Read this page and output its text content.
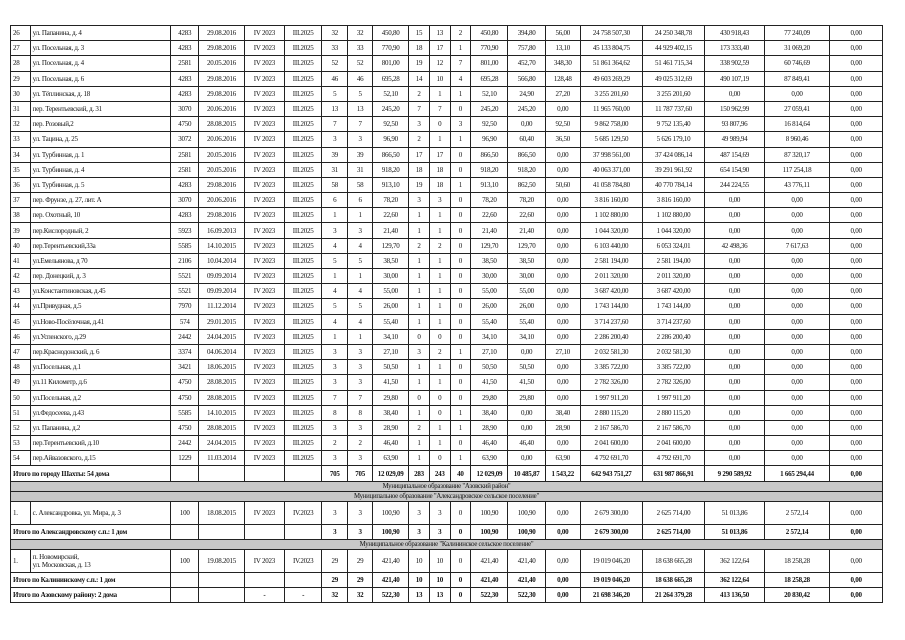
26	ул. Папанина, д. 4	4283	29.08.2016	IV 2023	III.2025	32	32	450,80	15	13	2	450,80	394,80	56,00	24 758 507,30	24 250 348,78	430 918,43	77 240,09	0,00
27	ул. Посельная, д. 3	4283	29.08.2016	IV 2023	III.2025	33	33	770,90	18	17	1	770,90	757,80	13,10	45 133 804,75	44 929 402,15	173 333,40	31 069,20	0,00
28	ул. Посельная, д. 4	2581	20.05.2016	IV 2023	III.2025	52	52	801,00	19	12	7	801,00	452,70	348,30	51 861 364,62	51 461 715,34	338 902,59	60 746,69	0,00
29	ул. Посельная, д. 6	4283	29.08.2016	IV 2023	III.2025	46	46	695,28	14	10	4	695,28	566,80	128,48	49 603 269,29	49 025 312,69	490 107,19	87 849,41	0,00
30	ул. Тёплинская, д. 18	4283	29.08.2016	IV 2023	III.2025	5	5	52,10	2	1	1	52,10	24,90	27,20	3 255 201,60	3 255 201,60	0,00	0,00	0,00
31	пер. Терентьевский, д. 31	3070	20.06.2016	IV 2023	III.2025	13	13	245,20	7	7	0	245,20	245,20	0,00	11 965 760,00	11 787 737,60	150 962,99	27 059,41	0,00
32	пер. Розовый,2	4750	28.08.2015	IV 2023	III.2025	7	7	92,50	3	0	3	92,50	0,00	92,50	9 862 758,00	9 752 135,40	93 807,96	16 814,64	0,00
33	ул. Тацина, д. 25	3072	20.06.2016	IV 2023	III.2025	3	3	96,90	2	1	1	96,90	60,40	36,50	5 685 129,50	5 626 179,10	49 989,94	8 960,46	0,00
34	ул. Турбинная, д. 1	2581	20.05.2016	IV 2023	III.2025	39	39	866,50	17	17	0	866,50	866,50	0,00	37 998 561,00	37 424 086,14	487 154,69	87 320,17	0,00
35	ул. Турбинная, д. 4	2581	20.05.2016	IV 2023	III.2025	31	31	918,20	18	18	0	918,20	918,20	0,00	40 063 371,00	39 291 961,92	654 154,90	117 254,18	0,00
36	ул. Турбинная, д. 5	4283	29.08.2016	IV 2023	III.2025	58	58	913,10	19	18	1	913,10	862,50	50,60	41 058 784,80	40 770 784,14	244 224,55	43 776,11	0,00
37	пер. Фрунзе, д. 27, лит. А	3070	20.06.2016	IV 2023	III.2025	6	6	78,20	3	3	0	78,20	78,20	0,00	3 816 160,00	3 816 160,00	0,00	0,00	0,00
38	пер. Охотный, 10	4283	29.08.2016	IV 2023	III.2025	1	1	22,60	1	1	0	22,60	22,60	0,00	1 102 880,00	1 102 880,00	0,00	0,00	0,00
39	пер.Кислородный, 2	5923	16.09.2013	IV 2023	III.2025	3	3	21,40	1	1	0	21,40	21,40	0,00	1 044 320,00	1 044 320,00	0,00	0,00	0,00
40	пер.Терентьевский,33а	5585	14.10.2015	IV 2023	III.2025	4	4	129,70	2	2	0	129,70	129,70	0,00	6 103 440,00	6 053 324,01	42 498,36	7 617,63	0,00
41	ул.Емельянова, д 70	2106	10.04.2014	IV 2023	III.2025	5	5	38,50	1	1	0	38,50	38,50	0,00	2 581 194,00	2 581 194,00	0,00	0,00	0,00
42	пер. Донецкий, д. 3	5521	09.09.2014	IV 2023	III.2025	1	1	30,00	1	1	0	30,00	30,00	0,00	2 011 320,00	2 011 320,00	0,00	0,00	0,00
43	ул.Константиновская, д.45	5521	09.09.2014	IV 2023	III.2025	4	4	55,00	1	1	0	55,00	55,00	0,00	3 687 420,00	3 687 420,00	0,00	0,00	0,00
44	ул.Привудная, д.5	7970	11.12.2014	IV 2023	III.2025	5	5	26,00	1	1	0	26,00	26,00	0,00	1 743 144,00	1 743 144,00	0,00	0,00	0,00
45	ул.Ново-Посёлочная, д.41	574	29.01.2015	IV 2023	III.2025	4	4	55,40	1	1	0	55,40	55,40	0,00	3 714 237,60	3 714 237,60	0,00	0,00	0,00
46	ул.Успенского, д.29	2442	24.04.2015	IV 2023	III.2025	1	1	34,10	0	0	0	34,10	34,10	0,00	2 286 200,40	2 286 200,40	0,00	0,00	0,00
47	пер.Краснодонский, д. 6	3374	04.06.2014	IV 2023	III.2025	3	3	27,10	3	2	1	27,10	0,00	27,10	2 032 581,30	2 032 581,30	0,00	0,00	0,00
48	ул.Посельная, д.1	3421	18.06.2015	IV 2023	III.2025	3	3	50,50	1	1	0	50,50	50,50	0,00	3 385 722,00	3 385 722,00	0,00	0,00	0,00
49	ул.11 Километр, д.6	4750	28.08.2015	IV 2023	III.2025	3	3	41,50	1	1	0	41,50	41,50	0,00	2 782 326,00	2 782 326,00	0,00	0,00	0,00
50	ул.Посельная, д.2	4750	28.08.2015	IV 2023	III.2025	7	7	29,80	0	0	0	29,80	29,80	0,00	1 997 911,20	1 997 911,20	0,00	0,00	0,00
51	ул.Федосеева, д.43	5585	14.10.2015	IV 2023	III.2025	8	8	38,40	1	0	1	38,40	0,00	38,40	2 880 115,20	2 880 115,20	0,00	0,00	0,00
52	ул. Папанина, д.2	4750	28.08.2015	IV 2023	III.2025	3	3	28,90	2	1	1	28,90	0,00	28,90	2 167 586,70	2 167 586,70	0,00	0,00	0,00
53	пер.Терентьевский, д.10	2442	24.04.2015	IV 2023	III.2025	2	2	46,40	1	1	0	46,40	46,40	0,00	2 041 600,00	2 041 600,00	0,00	0,00	0,00
54	пер.Айвазовского, д.15	1229	11.03.2014	IV 2023	III.2025	3	3	63,90	1	0	1	63,90	0,00	63,90	4 792 691,70	4 792 691,70	0,00	0,00	0,00
Итого по городу Шахты: 54 дома						705	705	12 029,09	283	243	40	12 029,09	10 485,87	1 543,22	642 943 751,27	631 987 866,91	9 290 589,92	1 665 294,44	0,00
Муниципальное образование "Азовский район"																			
Муниципальное образование "Александровское сельское поселение"																			
1.	с. Александровка, ул. Мира, д. 3	100	18.08.2015	IV 2023	IV.2023	3	3	100,90	3	3	0	100,90	100,90	0,00	2 679 300,00	2 625 714,00	51 013,86	2 572,14	0,00
Итого по Александровскому с.п.: 1 дом						3	3	100,90	3	3	0	100,90	100,90	0,00	2 679 300,00	2 625 714,00	51 013,86	2 572,14	0,00
Муниципальное образование "Калининское сельское поселение"																			
1.	п. Новомирский,
ул. Московская, д. 13	100	19.08.2015	IV 2023	IV.2023	29	29	421,40	10	10	0	421,40	421,40	0,00	19 019 046,20	18 638 665,28	362 122,64	18 258,28	0,00
Итого по Калининскому с.п.: 1 дом						29	29	421,40	10	10	0	421,40	421,40	0,00	19 019 046,20	18 638 665,28	362 122,64	18 258,28	0,00
Итого по Азовскому району: 2 дома				-	-	32	32	522,30	13	13	0	522,30	522,30	0,00	21 698 346,20	21 264 379,28	413 136,50	20 830,42	0,00
